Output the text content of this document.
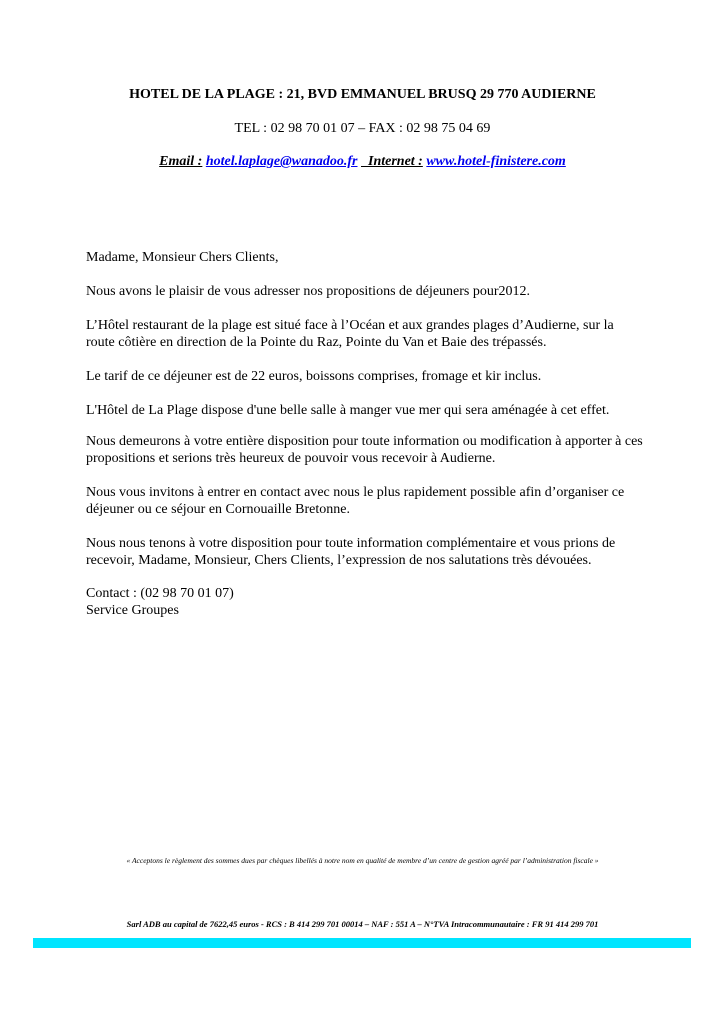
HOTEL DE LA PLAGE : 21, BVD EMMANUEL BRUSQ 29 770 AUDIERNE
TEL : 02 98 70 01 07 – FAX : 02 98 75 04 69
Email : hotel.laplage@wanadoo.fr Internet : www.hotel-finistere.com

Madame, Monsieur Chers Clients,

Nous avons le plaisir de vous adresser nos propositions de déjeuners pour2012.

L’Hôtel restaurant de la plage est situé face à l’Océan et aux grandes plages d’Audierne, sur la route côtière en direction de la Pointe du Raz, Pointe du Van et Baie des trépassés.

Le tarif de ce déjeuner est de 22 euros, boissons comprises, fromage et kir inclus.

L'Hôtel de La Plage dispose d'une belle salle à manger vue mer qui sera aménagée à cet effet.

Nous demeurons à votre entière disposition pour toute information ou modification à apporter à ces propositions et serions très heureux de pouvoir vous recevoir à Audierne.

Nous vous invitons à entrer en contact avec nous le plus rapidement possible afin d’organiser ce déjeuner ou ce séjour en Cornouaille Bretonne.

Nous nous tenons à votre disposition pour toute information complémentaire et vous prions de recevoir, Madame, Monsieur, Chers Clients, l’expression de nos salutations très dévouées.

Contact : (02 98 70 01 07)
Service Groupes
« Acceptons le règlement des sommes dues par chèques libellés à notre nom en qualité de membre d’un centre de gestion agréé par l’administration fiscale »
Sarl ADB au capital de 7622,45 euros - RCS : B 414 299 701 00014 – NAF : 551 A – N°TVA Intracommunautaire : FR 91 414 299 701
